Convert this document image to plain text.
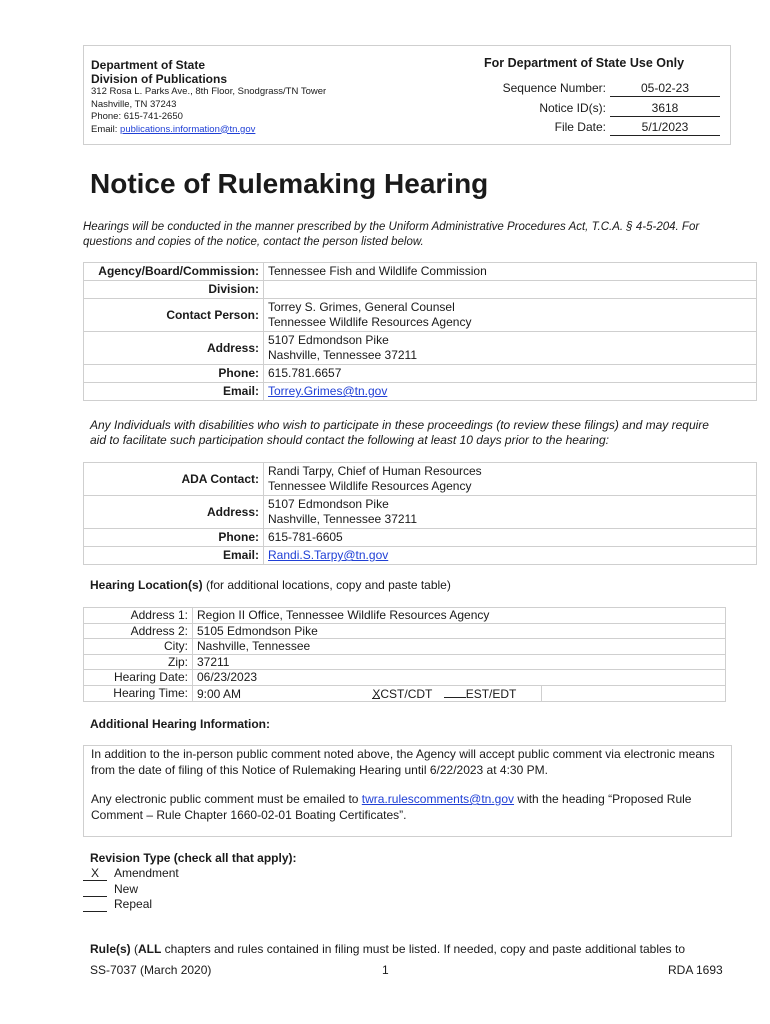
Department of State
Division of Publications
312 Rosa L. Parks Ave., 8th Floor, Snodgrass/TN Tower
Nashville, TN 37243
Phone: 615-741-2650
Email: publications.information@tn.gov
For Department of State Use Only
Sequence Number:	05-02-23
Notice ID(s):	3618
File Date:	5/1/2023
Notice of Rulemaking Hearing
Hearings will be conducted in the manner prescribed by the Uniform Administrative Procedures Act, T.C.A. § 4-5-204. For questions and copies of the notice, contact the person listed below.
Agency/Board/Commission:	Tennessee Fish and Wildlife Commission
Division:	
Contact Person:	Torrey S. Grimes, General Counsel
Tennessee Wildlife Resources Agency

Address:	5107 Edmondson Pike
Nashville, Tennessee 37211

Phone:	615.781.6657
Email:	Torrey.Grimes@tn.gov
Any Individuals with disabilities who wish to participate in these proceedings (to review these filings) and may require aid to facilitate such participation should contact the following at least 10 days prior to the hearing:
ADA Contact:	Randi Tarpy, Chief of Human Resources
Tennessee Wildlife Resources Agency

Address:	5107 Edmondson Pike
Nashville, Tennessee 37211

Phone:	615-781-6605
Email:	Randi.S.Tarpy@tn.gov
Hearing Location(s) (for additional locations, copy and paste table)
Address 1:	Region II Office, Tennessee Wildlife Resources Agency	
Address 2:	5105 Edmondson Pike	
City:	Nashville, Tennessee	
Zip:	37211	
Hearing Date:	06/23/2023	
Hearing Time:	9:00 AM XCST/CDT EST/EDT	
Additional Hearing Information:

In addition to the in-person public comment noted above, the Agency will accept public comment via electronic means from the date of filing of this Notice of Rulemaking Hearing until 6/22/2023 at 4:30 PM.

Any electronic public comment must be emailed to twra.rulescomments@tn.gov with the heading “Proposed Rule Comment – Rule Chapter 1660-02-01 Boating Certificates”.

Revision Type (check all that apply):
X	Amendment
New
Repeal
Rule(s) (ALL chapters and rules contained in filing must be listed. If needed, copy and paste additional tables to
SS-7037 (March 2020)	1	RDA 1693
